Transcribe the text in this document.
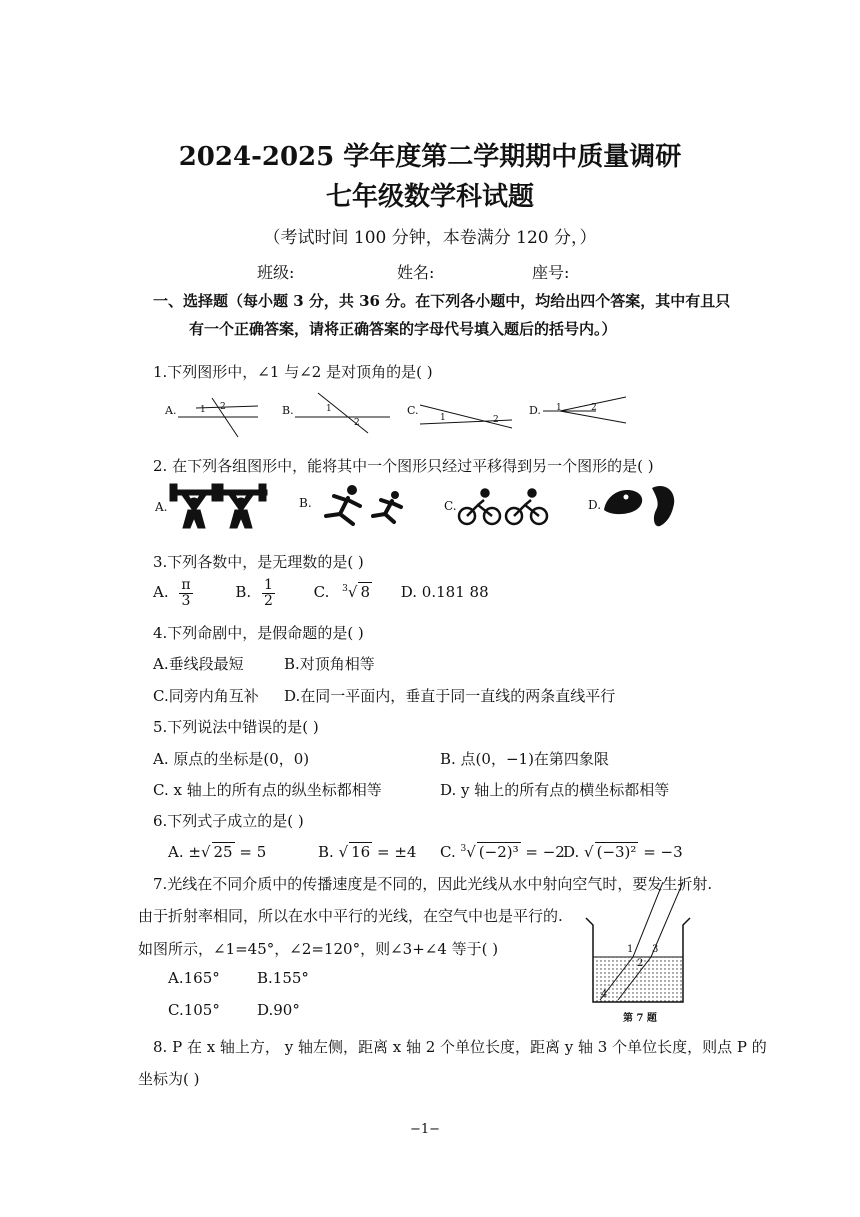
2024-2025 学年度第二学期期中质量调研
七年级数学科试题
（考试时间 100 分钟，本卷满分 120 分，）
班级:	姓名:	座号:
一、选择题（每小题 3 分，共 36 分。在下列各小题中，均给出四个答案，其中有且只
有一个正确答案，请将正确答案的字母代号填入题后的括号内。）
1.下列图形中，∠1 与∠2 是对顶角的是( )
A.	B.	C.	D.
1 2	1
2	1	2
1	2
2. 在下列各组图形中，能将其中一个图形只经过平移得到另一个图形的是( )
A.	B.	C.	D.
3.下列各数中，是无理数的是( )
A. $\frac{\pi}{3}$	B. $\frac{1}{2}$	C. $^3$√ 8 D. 0.181 88
4.下列命剧中，是假命题的是( )
A.垂线段最短	B.对顶角相等
C.同旁内角互补 D.在同一平面内，垂直于同一直线的两条直线平行
5.下列说法中错误的是( )
A. 原点的坐标是(0，0)	B. 点(0，−1)在第四象限
C. x 轴上的所有点的纵坐标都相等	D. y 轴上的所有点的横坐标都相等
6.下列式子成立的是( )
A. ±√ 25 = 5	B. √ 16 = ±4 C. $^3$√ (−2)³ = −2
D. √ (−3)² = −3
7.光线在不同介质中的传播速度是不同的，因此光线从水中射向空气时，要发生折射.
由于折射率相同，所以在水中平行的光线，在空气中也是平行的.
如图所示，∠1=45°，∠2=120°，则∠3+∠4 等于( )
A.165° B.155°
C.105° D.90°
1
2
3
4
第 7 题
8. P 在 x 轴上方， y 轴左侧，距离 x 轴 2 个单位长度，距离 y 轴 3 个单位长度，则点 P 的
坐标为( )
−1−
